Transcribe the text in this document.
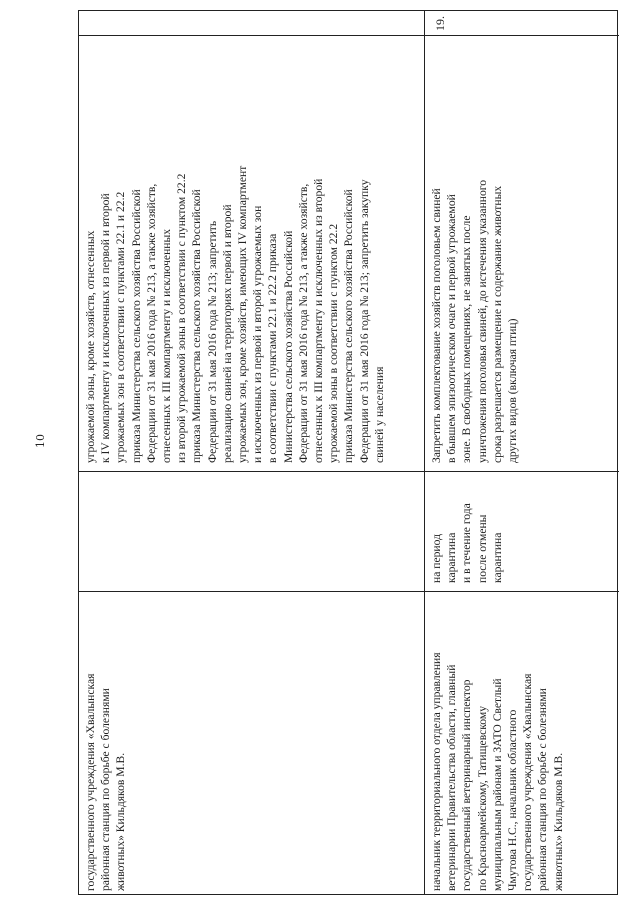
10	угрожаемой зоны, кроме хозяйств, отнесенных
к IV компартменту и исключенных из первой и второй
угрожаемых зон в соответствии с пунктами 22.1 и 22.2
приказа Министерства сельского хозяйства Российской
Федерации от 31 мая 2016 года № 213, а также хозяйств,
отнесенных к III компартменту и исключенных
из второй угрожаемой зоны в соответствии с пунктом 22.2
приказа Министерства сельского хозяйства Российской
Федерации от 31 мая 2016 года № 213; запретить
реализацию свиней на территориях первой и второй
угрожаемых зон, кроме хозяйств, имеющих IV компартмент
и исключенных из первой и второй угрожаемых зон
в соответствии с пунктами 22.1 и 22.2 приказа
Министерства сельского хозяйства Российской
Федерации от 31 мая 2016 года № 213, а также хозяйств,
отнесенных к III компартменту и исключенных из второй
угрожаемой зоны в соответствии с пунктом 22.2
приказа Министерства сельского хозяйства Российской
Федерации от 31 мая 2016 года № 213; запретить закупку
свиней у населения

государственного учреждения «Хвалынская
районная станция по борьбе с болезнями
животных» Кильдяков М.В.

19.

Запретить комплектование хозяйств поголовьем свиней
в бывшем эпизоотическом очаге и первой угрожаемой
зоне. В свободных помещениях, не занятых после
уничтожения поголовья свиней, до истечения указанного
срока разрешается размещение и содержание животных
других видов (включая птиц)

на период
карантина
и в течение года
после отмены
карантина

начальник территориального отдела управления
ветеринарии Правительства области, главный
государственный ветеринарный инспектор
по Красноармейскому, Татищевскому
муниципальным районам и ЗАТО Светлый
Чмутова Н.С., начальник областного
государственного учреждения «Хвалынская
районная станция по борьбе с болезнями
животных» Кильдяков М.В.
